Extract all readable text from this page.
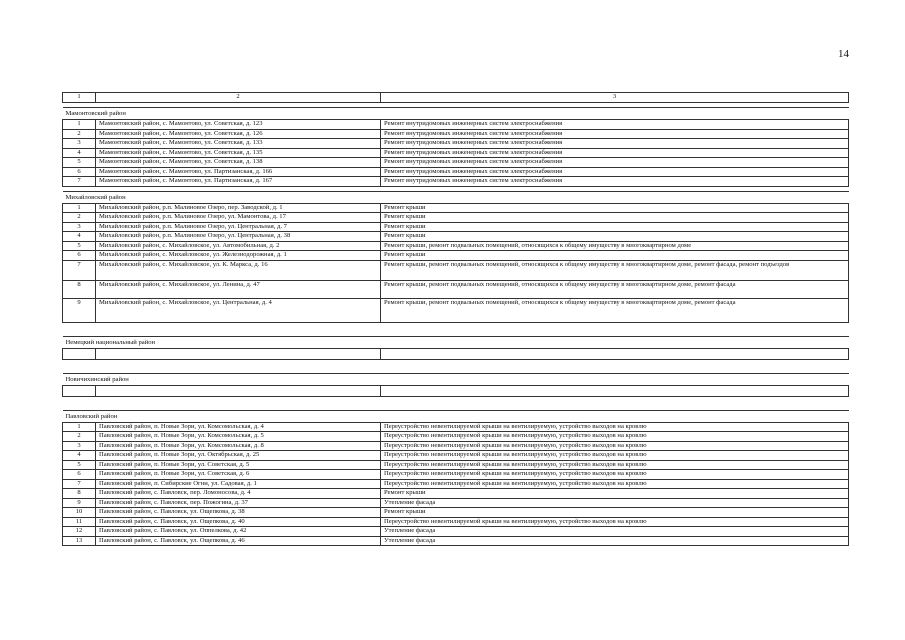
14
1	2	3

Мамонтовский район		
1	Мамонтовский район, с. Мамонтово, ул. Советская, д. 123	Ремонт внутридомовых инженерных систем электроснабжения
2	Мамонтовский район, с. Мамонтово, ул. Советская, д. 126	Ремонт внутридомовых инженерных систем электроснабжения
3	Мамонтовский район, с. Мамонтово, ул. Советская, д. 133	Ремонт внутридомовых инженерных систем электроснабжения
4	Мамонтовский район, с. Мамонтово, ул. Советская, д. 135	Ремонт внутридомовых инженерных систем электроснабжения
5	Мамонтовский район, с. Мамонтово, ул. Советская, д. 138	Ремонт внутридомовых инженерных систем электроснабжения
6	Мамонтовский район, с. Мамонтово, ул. Партизанская, д. 166	Ремонт внутридомовых инженерных систем электроснабжения
7	Мамонтовский район, с. Мамонтово, ул. Партизанская, д. 167	Ремонт внутридомовых инженерных систем электроснабжения

Михайловский район		
1	Михайловский район, р.п. Малиновое Озеро, пер. Заводской, д. 1	Ремонт крыши
2	Михайловский район, р.п. Малиновое Озеро, ул. Мамонтова, д. 17	Ремонт крыши
3	Михайловский район, р.п. Малиновое Озеро, ул. Центральная, д. 7	Ремонт крыши
4	Михайловский район, р.п. Малиновое Озеро, ул. Центральная, д. 38	Ремонт крыши
5	Михайловский район, с. Михайловское, ул. Автомобильная, д. 2	Ремонт крыши, ремонт подвальных помещений, относящихся к общему имуществу в многоквартирном доме
6	Михайловский район, с. Михайловское, ул. Железнодорожная, д. 1	Ремонт крыши
7	Михайловский район, с. Михайловское, ул. К. Маркса, д. 16	Ремонт крыши, ремонт подвальных помещений, относящихся к общему имуществу в многоквартирном доме, ремонт фасада, ремонт подъездов
8	Михайловский район, с. Михайловское, ул. Ленина, д. 47	Ремонт крыши, ремонт подвальных помещений, относящихся к общему имуществу в многоквартирном доме, ремонт фасада
9	Михайловский район, с. Михайловское, ул. Центральная, д. 4	Ремонт крыши, ремонт подвальных помещений, относящихся к общему имуществу в многоквартирном доме, ремонт фасада

Немецкий национальный район		

Новичихинский район		

Павловский район		
1	Павловский район, п. Новые Зори, ул. Комсомольская, д. 4	Переустройство невентилируемой крыши на вентилируемую, устройство выходов на кровлю
2	Павловский район, п. Новые Зори, ул. Комсомольская, д. 5	Переустройство невентилируемой крыши на вентилируемую, устройство выходов на кровлю
3	Павловский район, п. Новые Зори, ул. Комсомольская, д. 8	Переустройство невентилируемой крыши на вентилируемую, устройство выходов на кровлю
4	Павловский район, п. Новые Зори, ул. Октябрьская, д. 25	Переустройство невентилируемой крыши на вентилируемую, устройство выходов на кровлю
5	Павловский район, п. Новые Зори, ул. Советская, д. 5	Переустройство невентилируемой крыши на вентилируемую, устройство выходов на кровлю
6	Павловский район, п. Новые Зори, ул. Советская, д. 6	Переустройство невентилируемой крыши на вентилируемую, устройство выходов на кровлю
7	Павловский район, п. Сибирские Огни, ул. Садовая, д. 1	Переустройство невентилируемой крыши на вентилируемую, устройство выходов на кровлю
8	Павловский район, с. Павловск, пер. Ломоносова, д. 4	Ремонт крыши
9	Павловский район, с. Павловск, пер. Пожогина, д. 37	Утепление фасада
10	Павловский район, с. Павловск, ул. Ощепкова, д. 38	Ремонт крыши
11	Павловский район, с. Павловск, ул. Ощепкова, д. 40	Переустройство невентилируемой крыши на вентилируемую, устройство выходов на кровлю
12	Павловский район, с. Павловск, ул. Оппелкова, д. 42	Утепление фасада
13	Павловский район, с. Павловск, ул. Ощепкова, д. 46	Утепление фасада
